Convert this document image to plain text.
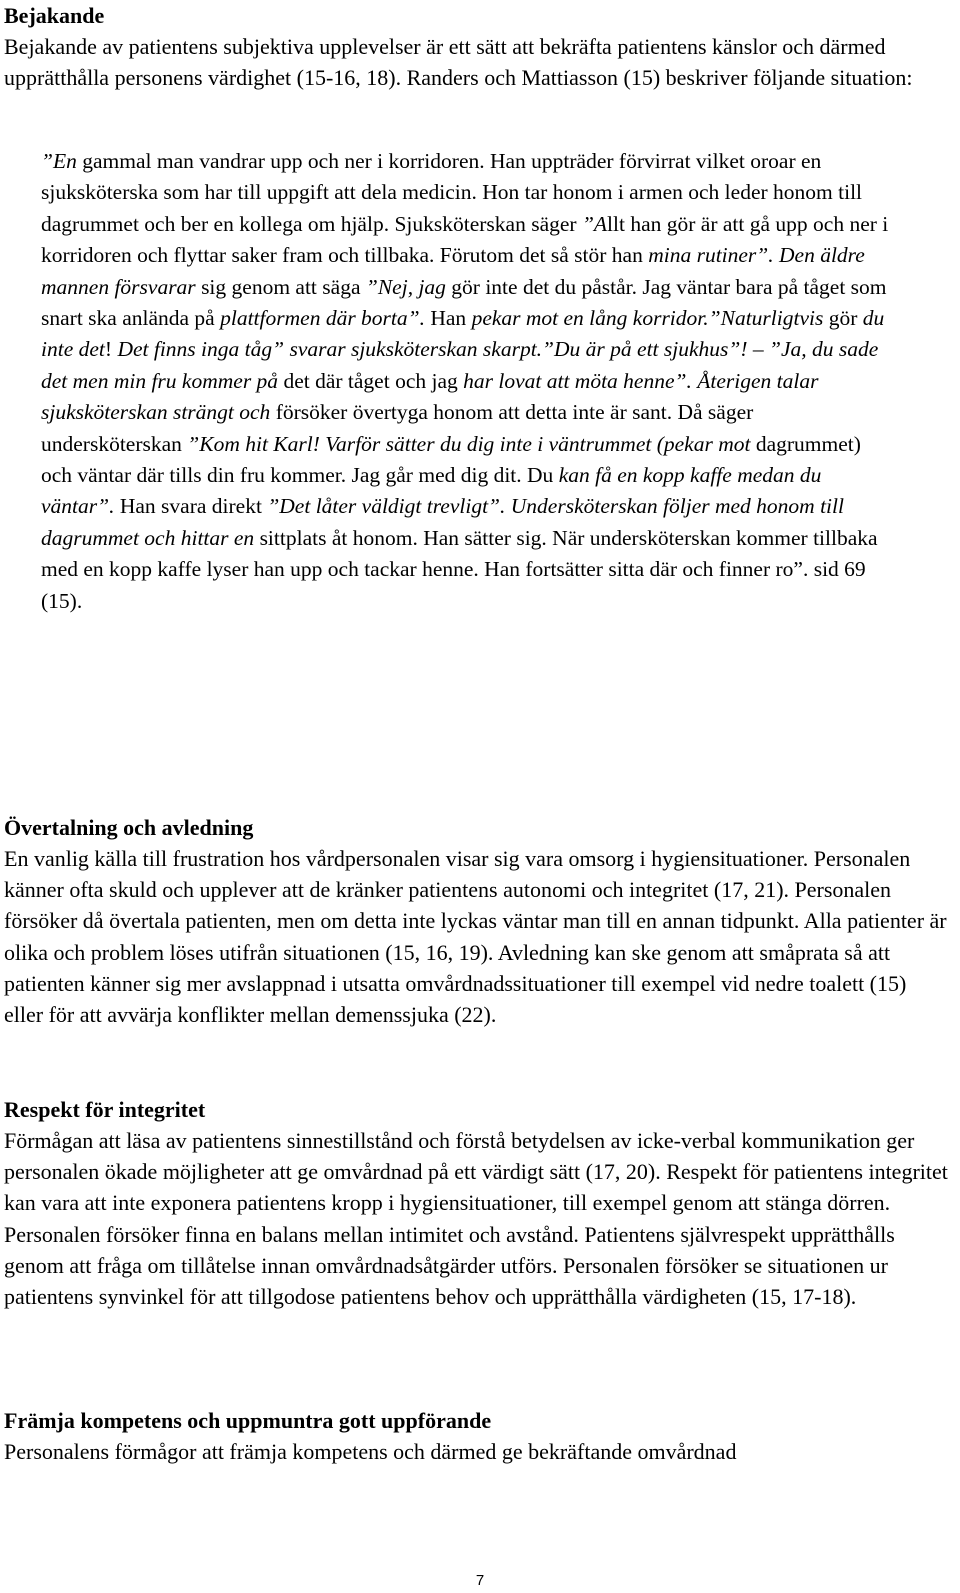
Bejakande

Bejakande av patientens subjektiva upplevelser är ett sätt att bekräfta patientens känslor och därmed upprätthålla personens värdighet (15-16, 18). Randers och Mattiasson (15) beskriver följande situation:

”En gammal man vandrar upp och ner i korridoren. Han uppträder förvirrat vilket oroar en sjuksköterska som har till uppgift att dela medicin. Hon tar honom i armen och leder honom till dagrummet och ber en kollega om hjälp. Sjuksköterskan säger ”Allt han gör är att gå upp och ner i korridoren och flyttar saker fram och tillbaka. Förutom det så stör han mina rutiner”. Den äldre mannen försvarar sig genom att säga ”Nej, jag gör inte det du påstår. Jag väntar bara på tåget som snart ska anlända på plattformen där borta”. Han pekar mot en lång korridor.”Naturligtvis gör du inte det! Det finns inga tåg” svarar sjuksköterskan skarpt.”Du är på ett sjukhus”! – ”Ja, du sade det men min fru kommer på det där tåget och jag har lovat att möta henne”. Återigen talar sjuksköterskan strängt och försöker övertyga honom att detta inte är sant. Då säger undersköterskan ”Kom hit Karl! Varför sätter du dig inte i väntrummet (pekar mot dagrummet) och väntar där tills din fru kommer. Jag går med dig dit. Du kan få en kopp kaffe medan du väntar”. Han svara direkt ”Det låter väldigt trevligt”. Undersköterskan följer med honom till dagrummet och hittar en sittplats åt honom. Han sätter sig. När undersköterskan kommer tillbaka med en kopp kaffe lyser han upp och tackar henne. Han fortsätter sitta där och finner ro”. sid 69 (15).

Övertalning och avledning

En vanlig källa till frustration hos vårdpersonalen visar sig vara omsorg i hygiensituationer. Personalen känner ofta skuld och upplever att de kränker patientens autonomi och integritet (17, 21). Personalen försöker då övertala patienten, men om detta inte lyckas väntar man till en annan tidpunkt. Alla patienter är olika och problem löses utifrån situationen (15, 16, 19). Avledning kan ske genom att småprata så att patienten känner sig mer avslappnad i utsatta omvårdnadssituationer till exempel vid nedre toalett (15) eller för att avvärja konflikter mellan demenssjuka (22).

Respekt för integritet

Förmågan att läsa av patientens sinnestillstånd och förstå betydelsen av icke-verbal kommunikation ger personalen ökade möjligheter att ge omvårdnad på ett värdigt sätt (17, 20). Respekt för patientens integritet kan vara att inte exponera patientens kropp i hygiensituationer, till exempel genom att stänga dörren. Personalen försöker finna en balans mellan intimitet och avstånd. Patientens självrespekt upprätthålls genom att fråga om tillåtelse innan omvårdnadsåtgärder utförs. Personalen försöker se situationen ur patientens synvinkel för att tillgodose patientens behov och upprätthålla värdigheten (15, 17-18).

Främja kompetens och uppmuntra gott uppförande

Personalens förmågor att främja kompetens och därmed ge bekräftande omvårdnad

7
